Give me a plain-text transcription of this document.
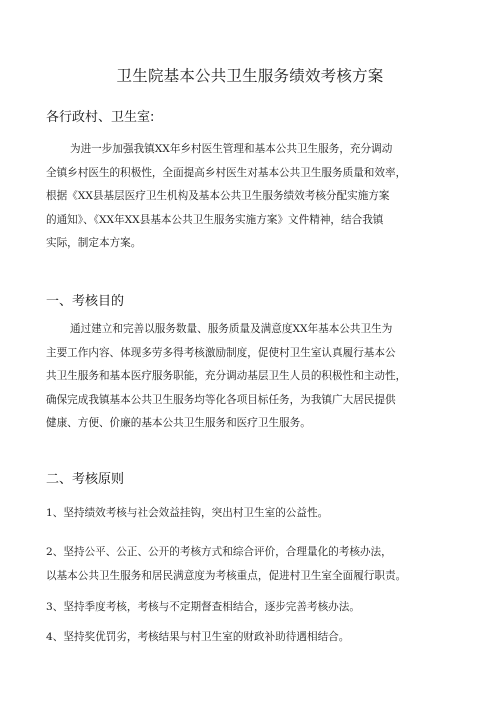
卫生院基本公共卫生服务绩效考核方案
各行政村、卫生室:
为进一步加强我镇XX年乡村医生管理和基本公共卫生服务，充分调动
全镇乡村医生的积极性，全面提高乡村医生对基本公共卫生服务质量和效率，
根据《XX县基层医疗卫生机构及基本公共卫生服务绩效考核分配实施方案
的通知》、《XX年XX县基本公共卫生服务实施方案》文件精神，结合我镇
实际，制定本方案。
一、考核目的
通过建立和完善以服务数量、服务质量及满意度XX年基本公共卫生为
主要工作内容、体现多劳多得考核激励制度，促使村卫生室认真履行基本公
共卫生服务和基本医疗服务职能，充分调动基层卫生人员的积极性和主动性，
确保完成我镇基本公共卫生服务均等化各项目标任务，为我镇广大居民提供
健康、方便、价廉的基本公共卫生服务和医疗卫生服务。
二、考核原则
1、坚持绩效考核与社会效益挂钩，突出村卫生室的公益性。
2、坚持公平、公正、公开的考核方式和综合评价，合理量化的考核办法，
以基本公共卫生服务和居民满意度为考核重点，促进村卫生室全面履行职责。
3、坚持季度考核，考核与不定期督查相结合，逐步完善考核办法。
4、坚持奖优罚劣，考核结果与村卫生室的财政补助待遇相结合。
